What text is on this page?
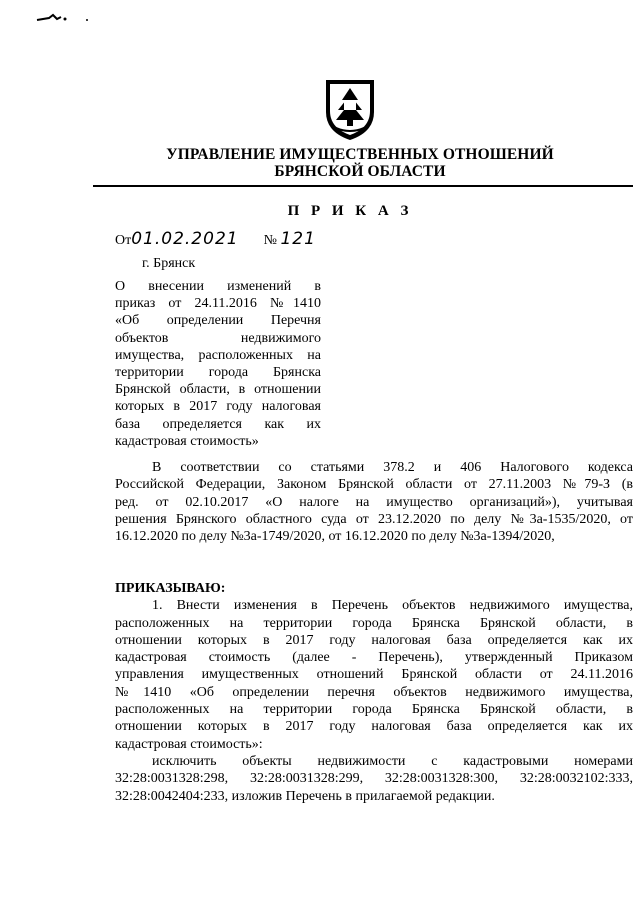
УПРАВЛЕНИЕ ИМУЩЕСТВЕННЫХ ОТНОШЕНИЙ
БРЯНСКОЙ ОБЛАСТИ
П Р И К А З
От01.02.2021 № 121
г. Брянск
О внесении изменений в
приказ от 24.11.2016 №1410
«Об определении Перечня
объектов недвижимого
имущества, расположенных на
территории города Брянска
Брянской области, в отношении
которых в 2017 году налоговая
база определяется как их
кадастровая стоимость»
В соответствии со статьями 378.2 и 406 Налогового кодекса
Российской Федерации, Законом Брянской области от 27.11.2003 №79-З (в
ред. от 02.10.2017 «О налоге на имущество организаций»), учитывая
решения Брянского областного суда от 23.12.2020 по делу №3а-1535/2020, от
16.12.2020 по делу №3а-1749/2020, от 16.12.2020 по делу №3а-1394/2020,
ПРИКАЗЫВАЮ:
1. Внести изменения в Перечень объектов недвижимого имущества,
расположенных на территории города Брянска Брянской области, в
отношении которых в 2017 году налоговая база определяется как их
кадастровая стоимость (далее - Перечень), утвержденный Приказом
управления имущественных отношений Брянской области от 24.11.2016
№1410 «Об определении перечня объектов недвижимого имущества,
расположенных на территории города Брянска Брянской области, в
отношении которых в 2017 году налоговая база определяется как их
кадастровая стоимость»:
исключить объекты недвижимости с кадастровыми номерами
32:28:0031328:298, 32:28:0031328:299, 32:28:0031328:300, 32:28:0032102:333,
32:28:0042404:233, изложив Перечень в прилагаемой редакции.
